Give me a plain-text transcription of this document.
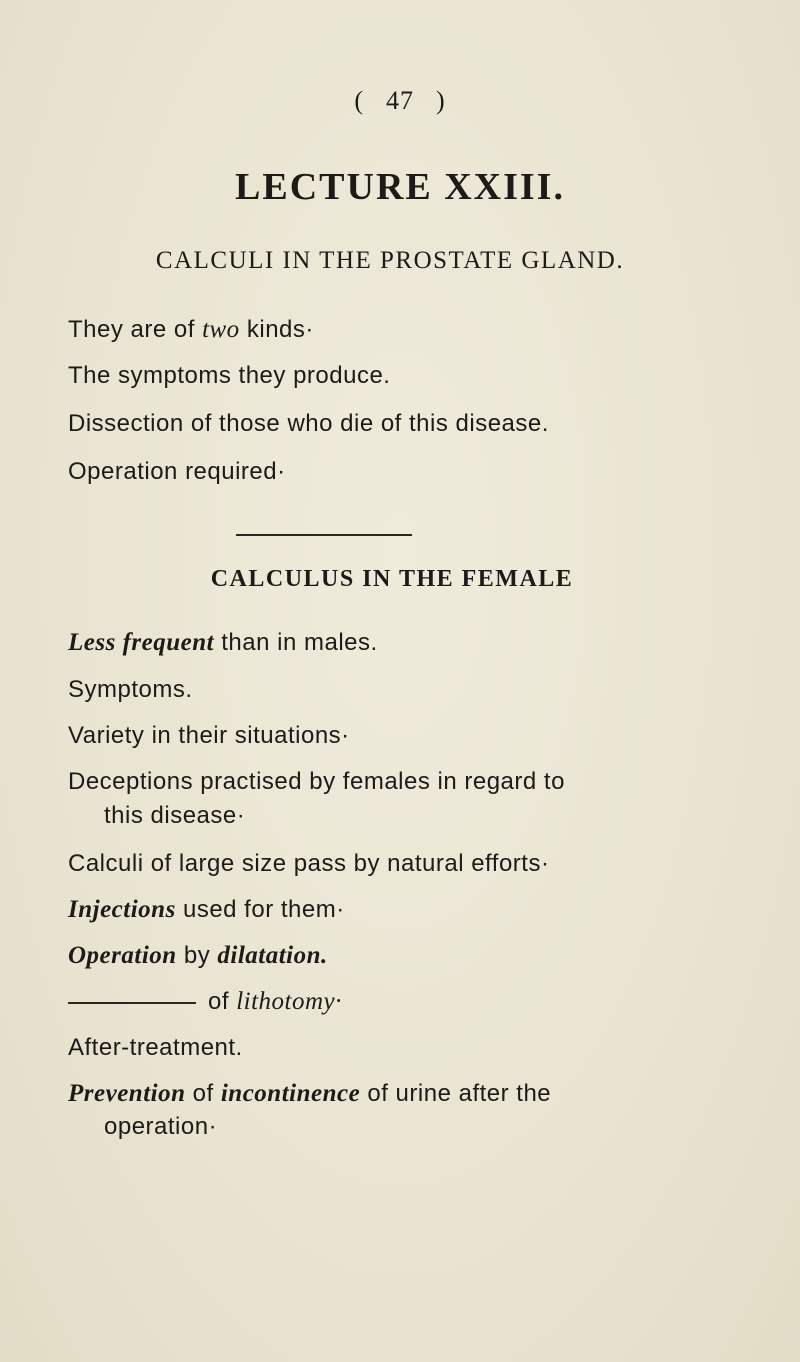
( 47 )
LECTURE XXIII.
CALCULI IN THE PROSTATE GLAND.
They are of two kinds·
The symptoms they produce.
Dissection of those who die of this disease.
Operation required·
CALCULUS IN THE FEMALE
Less frequent than in males.
Symptoms.
Variety in their situations·
Deceptions practised by females in regard to
this disease·
Calculi of large size pass by natural efforts·
Injections used for them·
Operation by dilatation.
of lithotomy·
After-treatment.
Prevention of incontinence of urine after the
operation·
